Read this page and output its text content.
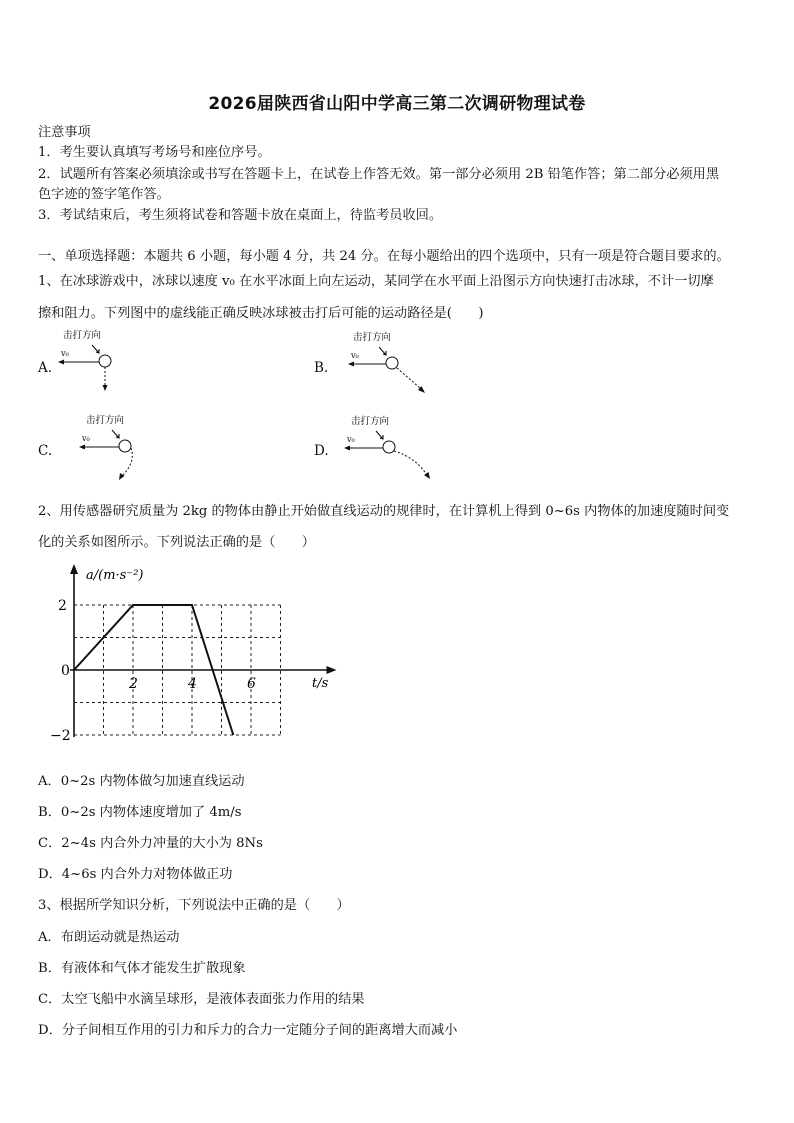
2026届陕西省山阳中学高三第二次调研物理试卷
注意事项
1．考生要认真填写考场号和座位序号。
2．试题所有答案必须填涂或书写在答题卡上，在试卷上作答无效。第一部分必须用 2B 铅笔作答；第二部分必须用黑
色字迹的签字笔作答。
3．考试结束后，考生须将试卷和答题卡放在桌面上，待监考员收回。
一、单项选择题：本题共 6 小题，每小题 4 分，共 24 分。在每小题给出的四个选项中，只有一项是符合题目要求的。
1、在冰球游戏中，冰球以速度 v₀ 在水平冰面上向左运动，某同学在水平面上沿图示方向快速打击冰球，不计一切摩
擦和阻力。下列图中的虚线能正确反映冰球被击打后可能的运动路径是(　　)
A.	B.
C.	D.
击打方向
v₀
击打方向
v₀
击打方向
v₀
击打方向
v₀
2、用传感器研究质量为 2kg 的物体由静止开始做直线运动的规律时，在计算机上得到 0~6s 内物体的加速度随时间变
化的关系如图所示。下列说法正确的是（　　）
0
2	4	6
2
−2
a/(m·s⁻²)
t/s
A．0~2s 内物体做匀加速直线运动
B．0~2s 内物体速度增加了 4m/s
C．2~4s 内合外力冲量的大小为 8Ns
D．4~6s 内合外力对物体做正功
3、根据所学知识分析，下列说法中正确的是（　　）
A．布朗运动就是热运动
B．有液体和气体才能发生扩散现象
C．太空飞船中水滴呈球形，是液体表面张力作用的结果
D．分子间相互作用的引力和斥力的合力一定随分子间的距离增大而减小
